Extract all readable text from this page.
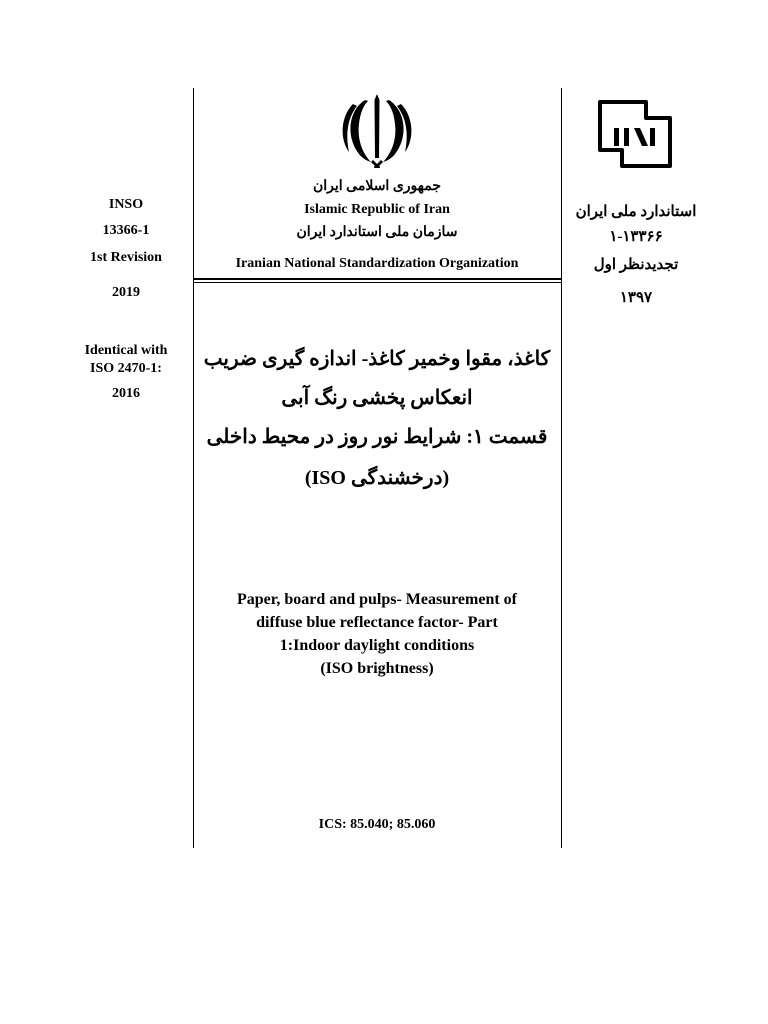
جمهوری اسلامی ایران
Islamic Republic of Iran
سازمان ملی استاندارد ایران
Iranian National Standardization Organization
INSO
13366-1
1st Revision
2019
Identical with
ISO 2470-1:
2016
استاندارد ملی ایران
۱-۱۳۳۶۶
تجدیدنظر اول
۱۳۹۷
کاغذ، مقوا وخمیر کاغذ- اندازه گیری ضریب
انعکاس پخشی رنگ آبی
قسمت ۱: شرایط نور روز در محیط داخلی
(درخشندگی ISO)
Paper, board and pulps- Measurement of
diffuse blue reflectance factor- Part
1:Indoor daylight conditions
(ISO brightness)
ICS: 85.040; 85.060
